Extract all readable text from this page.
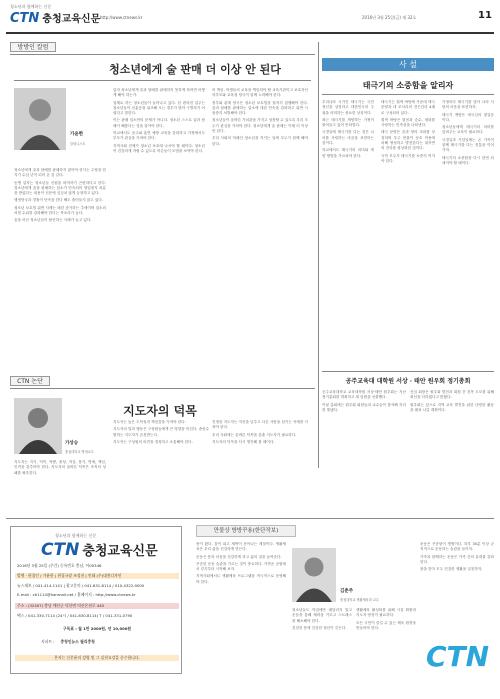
청소년과 함께하는 신문
CTN 충청교육신문 http://www.ctnews.kr	2016년 3월 25일(금) 제 32호	11
방방인 칼럼
청소년에게 술 판매 더 이상 안 된다
가윤한
칼럼니스트

청소년에게 술과 담배를 판매하지 않아야 한다는 주장을 한 지가 수십 년이 되어 온 것 같다.

동병 업자는 청소년들 신원을 파악하기 곤란하다고 한다. 청소년에게 술을 판매하는 업소가 단속되어 영업정지 처분을 받았다는 내용이 신문에 심심치 않게 등장하고 있다.

행정당국과 경찰이 단속을 한다 해도 줄어들지 않고 있다.

청소년 보호법 위반 사례는 매년 증가하는 추세이며 업소의 처벌 수위를 강화해야 한다는 목소리가 높다.

술을 마신 청소년들이 탈선하는 사례가 늘고 있다.

업자 청소년에게 술과 담배를 판매하지 못하게 하려면 어떻게 해야 하는가.

업체로 하는 청소년들이 늘어나고 있다. 한 편의점 업주는 청소년들이 신분증을 위조해 오는 경우가 많아 구별하기 어렵다고 말한다.

이는 판매 업소만의 문제가 아니다. 청소년 스스로 술과 담배가 해롭다는 것을 알아야 한다.

학교에서도 음주와 흡연 예방 교육을 강화하고 가정에서도 부모가 관심을 가져야 한다.

지역사회 전체가 청소년 보호에 나서야 할 때이다. 청소년이 건강하게 자랄 수 있도록 어른들이 모범을 보여야 한다.

의 책임. 학생들의 교육을 책임져야 할 교육기관이고 보호자인 학부모와 교육청 당국이 함께 노력해야 한다.

정부와 관계 당국은 청소년 보호법을 철저히 집행해야 한다. 술과 담배를 판매하는 업소에 대한 단속을 강화하고 위반 시 엄중히 처벌해야 한다.

청소년들이 올바른 가치관을 가지고 성장할 수 있도록 우리 모두가 관심을 가져야 한다. 청소년에게 술 판매는 이제 더 이상 안 된다.

우리 사회의 미래인 청소년을 지키는 일에 모두가 함께 해야 한다.

사 설
태극기의 소중함을 알리자

우리나라 국기인 태극기는 국민 정신을 상징하고 대한민국의 주권을 의미하는 중요한 상징이다.

최근 태극기를 게양하는 가정이 줄어들고 있어 안타깝다.

국경일에 태극기를 다는 것은 나라를 사랑하는 마음을 표현하는 것이다.

학교에서도 태극기의 의미와 게양 방법을 가르쳐야 한다.

태극기는 흰색 바탕에 가운데 태극 문양과 네 모서리의 건곤감리 4괘로 구성되어 있다.

흰색 바탕은 밝음과 순수, 평화를 사랑하는 민족성을 나타낸다.

태극 문양은 음과 양의 조화를 상징하며 우주 만물이 상호 작용에 의해 생성하고 발전한다는 대자연의 진리를 형상화한 것이다.

국민 모두가 태극기를 소중히 여겨야 한다.

가정마다 태극기를 달아 나라 사랑의 마음을 표현하자.

태극기 게양은 애국심의 첫걸음이다.

청소년들에게 태극기의 의미를 알려주는 교육이 필요하다.

국경일과 기념일에는 온 가족이 함께 태극기를 다는 전통을 이어가자.

태극기의 소중함을 다시 한번 되새겨야 할 때이다.

공주교육대 대학원 서상 · 태안 원우회 정기총회

공주교육대학교 교육대학원 서상·태안 원우회는 지난 정기총회를 개최하고 새 임원을 선출했다.

이날 총회에는 원우회 회원들과 교수들이 참석해 자리를 빛냈다.

신임 회장은 원우회 발전과 회원 간 친목 도모를 위해 최선을 다하겠다고 밝혔다.

원우회는 앞으로 지역 교육 발전을 위한 다양한 활동을 펼쳐 나갈 계획이다.

CTN 논단
지도자의 덕목
가상승
충청대학교 명예교수

지도자는 지식, 덕목, 역량, 품성, 자질, 용기, 명예, 책임, 인격을 갖추어야 한다. 지도자의 올바른 덕목은 조직의 성패를 좌우한다.

지도자는 높은 도덕성과 책임감을 가져야 한다.

지도자의 말과 행동은 구성원들에게 큰 영향을 미친다. 솔선수범하는 지도자가 존경받는다.

지도자는 구성원의 의견을 경청하고 소통해야 한다.

진정한 지도자는 자신을 낮추고 다른 사람을 섬기는 자세를 가져야 한다.

우리 사회에는 올바른 덕목을 갖춘 지도자가 필요하다.

지도자의 덕목을 다시 생각해 볼 때이다.

청소년과 함께하는 신문
CTN 충청교육신문
2016년 3월 25일 (주간) 등록번호 충남, 아00346
발행 · 편집인 / 가윤한 | 편집국장 조성헌 | 인쇄 (주)대전디자인
뉴스제보 / 041-414-1141 | 광고문의 / 041-631-8114 / 010-4322-9000
E-mail : cti1114@hanmail.net / 홈페이지 : http://www.ctnews.kr
주소 : (32407) 충남 예산군 덕산면 덕산온천로 440
팩스 / 041-330-7114 (24시 / 041-630-8114) T / 041-331-0790
구독료 : 월 1만 2000원, 년 10,000원
지파트 : 충청인뉴스 필리충청
본지는 신문윤리 강령 및 그 실천요강을 준수합니다.
만물상 방방꾸용(한단작보)
김춘주
충청대학교 생활체육과 교수

봄이 왔다. 꽃이 피고 새싹이 돋아나는 계절이다. 생활체육은 우리 삶을 건강하게 만든다.

운동은 몸과 마음을 건강하게 하고 삶의 질을 높여준다.

꾸준한 운동 습관을 기르는 것이 중요하다. 가까운 공원에서 걷기부터 시작해 보자.

지역사회에서도 생활체육 프로그램을 적극적으로 운영해야 한다.

청소년들도 학업에만 매달리지 말고 운동을 통해 체력을 기르고 스트레스를 해소해야 한다.

건강한 몸에 건강한 정신이 깃든다.

생활체육 활성화를 위해 시설 확충과 지도자 양성이 필요하다.

모든 국민이 즐길 수 있는 체육 환경을 만들어야 한다.

운동은 꾸준함이 생명이다. 하루 30분 이상 규칙적으로 운동하는 습관을 들이자.

가족과 함께하는 운동은 가족 간의 유대를 강화한다.

봄을 맞아 모두 건강한 생활을 실천하자.

CTN
